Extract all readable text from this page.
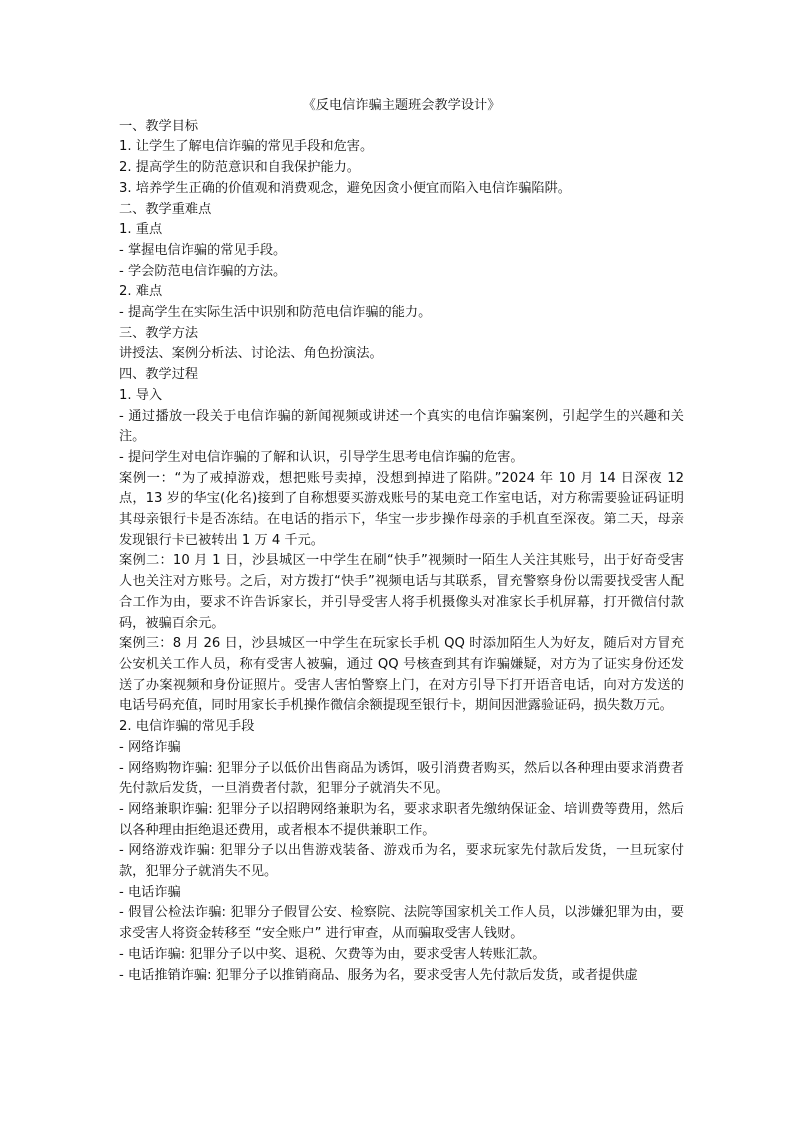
《反电信诈骗主题班会教学设计》

一、教学目标

1. 让学生了解电信诈骗的常见手段和危害。

2. 提高学生的防范意识和自我保护能力。

3. 培养学生正确的价值观和消费观念，避免因贪小便宜而陷入电信诈骗陷阱。

二、教学重难点

1. 重点

- 掌握电信诈骗的常见手段。

- 学会防范电信诈骗的方法。

2. 难点

- 提高学生在实际生活中识别和防范电信诈骗的能力。

三、教学方法

讲授法、案例分析法、讨论法、角色扮演法。

四、教学过程

1. 导入

- 通过播放一段关于电信诈骗的新闻视频或讲述一个真实的电信诈骗案例，引起学生的兴趣和关注。

- 提问学生对电信诈骗的了解和认识，引导学生思考电信诈骗的危害。

案例一：“为了戒掉游戏，想把账号卖掉，没想到掉进了陷阱。”2024 年 10 月 14 日深夜 12 点，13 岁的华宝(化名)接到了自称想要买游戏账号的某电竞工作室电话，对方称需要验证码证明其母亲银行卡是否冻结。在电话的指示下，华宝一步步操作母亲的手机直至深夜。第二天，母亲发现银行卡已被转出 1 万 4 千元。

案例二：10 月 1 日，沙县城区一中学生在刷“快手”视频时一陌生人关注其账号，出于好奇受害人也关注对方账号。之后，对方拨打“快手”视频电话与其联系，冒充警察身份以需要找受害人配合工作为由，要求不许告诉家长，并引导受害人将手机摄像头对准家长手机屏幕，打开微信付款码，被骗百余元。

案例三：8 月 26 日，沙县城区一中学生在玩家长手机 QQ 时添加陌生人为好友，随后对方冒充公安机关工作人员，称有受害人被骗，通过 QQ 号核查到其有诈骗嫌疑，对方为了证实身份还发送了办案视频和身份证照片。受害人害怕警察上门，在对方引导下打开语音电话，向对方发送的电话号码充值，同时用家长手机操作微信余额提现至银行卡，期间因泄露验证码，损失数万元。

2. 电信诈骗的常见手段

- 网络诈骗

- 网络购物诈骗: 犯罪分子以低价出售商品为诱饵，吸引消费者购买，然后以各种理由要求消费者先付款后发货，一旦消费者付款，犯罪分子就消失不见。

- 网络兼职诈骗: 犯罪分子以招聘网络兼职为名，要求求职者先缴纳保证金、培训费等费用，然后以各种理由拒绝退还费用，或者根本不提供兼职工作。

- 网络游戏诈骗: 犯罪分子以出售游戏装备、游戏币为名，要求玩家先付款后发货，一旦玩家付款，犯罪分子就消失不见。

- 电话诈骗

- 假冒公检法诈骗: 犯罪分子假冒公安、检察院、法院等国家机关工作人员，以涉嫌犯罪为由，要求受害人将资金转移至 “安全账户” 进行审查，从而骗取受害人钱财。

- 电话诈骗: 犯罪分子以中奖、退税、欠费等为由，要求受害人转账汇款。

- 电话推销诈骗: 犯罪分子以推销商品、服务为名，要求受害人先付款后发货，或者提供虚
